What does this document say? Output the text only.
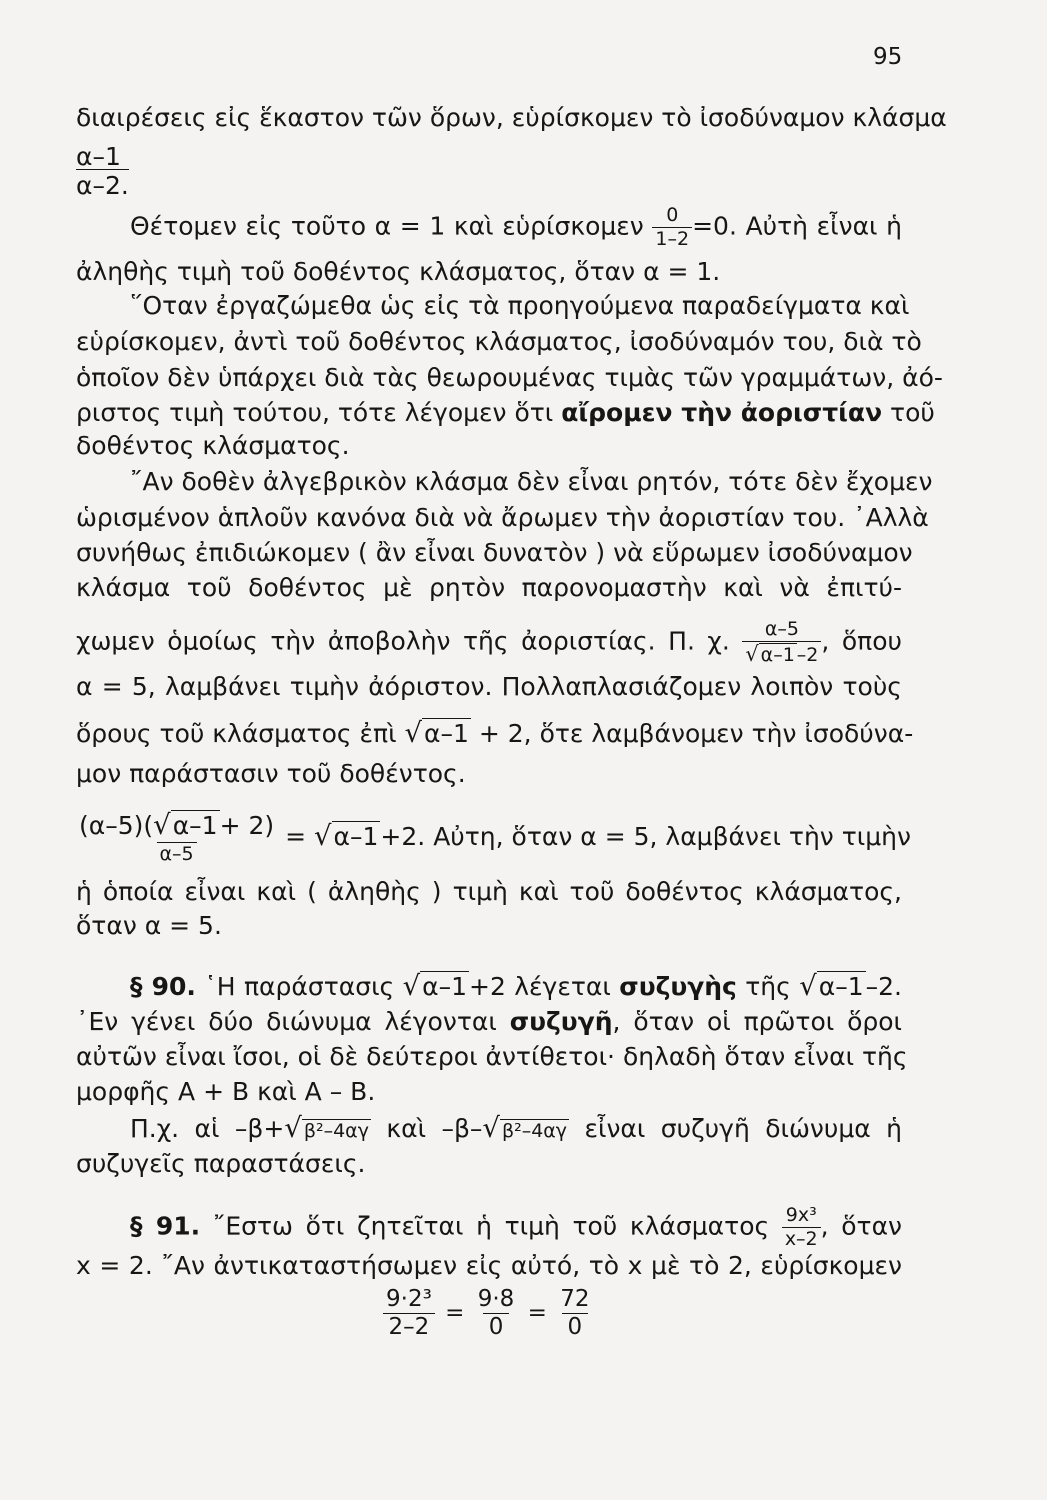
95
διαιρέσεις εἰς ἕκαστον τῶν ὅρων, εὑρίσκομεν τὸ ἰσοδύναμον κλάσμα
α–1
α–2.
Θέτομεν εἰς τοῦτο α = 1 καὶ εὑρίσκομεν $\frac{0}{1-2} =0$. Αὐτὴ εἶναι ἡ
ἀληθὴς τιμὴ τοῦ δοθέντος κλάσματος, ὅταν α = 1.
῞Οταν ἐργαζώμεθα ὡς εἰς τὰ προηγούμενα παραδείγματα καὶ
εὑρίσκομεν, ἀντὶ τοῦ δοθέντος κλάσματος, ἰσοδύναμόν του, διὰ τὸ
ὁποῖον δὲν ὑπάρχει διὰ τὰς θεωρουμένας τιμὰς τῶν γραμμάτων, ἀό-
ριστος τιμὴ τούτου, τότε λέγομεν ὅτι αἴρομεν τὴν ἀοριστίαν τοῦ
δοθέντος κλάσματος.
῎Αν δοθὲν ἀλγεβρικὸν κλάσμα δὲν εἶναι ρητόν, τότε δὲν ἔχομεν
ὡρισμένον ἁπλοῦν κανόνα διὰ νὰ ἄρωμεν τὴν ἀοριστίαν του. ᾿Αλλὰ
συνήθως ἐπιδιώκομεν ( ἂν εἶναι δυνατὸν ) νὰ εὕρωμεν ἰσοδύναμον
κλάσμα τοῦ δοθέντος μὲ ρητὸν παρονομαστὴν καὶ νὰ ἐπιτύ-
χωμεν ὁμοίως τὴν ἀποβολὴν τῆς ἀοριστίας. Π. χ. $\frac{\alpha-5}{√ \alpha-1 -2}$ , ὅπου
α = 5, λαμβάνει τιμὴν ἀόριστον. Πολλαπλασιάζομεν λοιπὸν τοὺς
ὅρους τοῦ κλάσματος ἐπὶ √α–1 + 2, ὅτε λαμβάνομεν τὴν ἰσοδύνα-
μον παράστασιν τοῦ δοθέντος.
(α–5)(√α–1+ 2)
α–5
= √α–1+2. Αὐτη, ὅταν α = 5, λαμβάνει τὴν τιμὴν
ἡ ὁποία εἶναι καὶ ( ἀληθὴς ) τιμὴ καὶ τοῦ δοθέντος κλάσματος,
ὅταν α = 5.
§ 90. ῾Η παράστασις √α–1+2 λέγεται συζυγὴς τῆς √α–1–2.
᾿Εν γένει δύο διώνυμα λέγονται συζυγῆ, ὅταν οἱ πρῶτοι ὅροι
αὐτῶν εἶναι ἴσοι, οἱ δὲ δεύτεροι ἀντίθετοι· δηλαδὴ ὅταν εἶναι τῆς
μορφῆς Α + Β καὶ Α – Β.
Π.χ. αἱ –β+√ β²–4αγ καὶ –β–√ β²–4αγ εἶναι συζυγῆ διώνυμα ἡ
συζυγεῖς παραστάσεις.
§ 91. ῎Εστω ὅτι ζητεῖται ἡ τιμὴ τοῦ κλάσματος $\frac{\text{9x³}}{x-2}$ , ὅταν
x = 2. ῎Αν ἀντικαταστήσωμεν εἰς αὐτό, τὸ x μὲ τὸ 2, εὑρίσκομεν
$\frac{\text{9·2³}}{2-2} = \frac{9\cdot 8}{0} = \frac{72}{0}$
